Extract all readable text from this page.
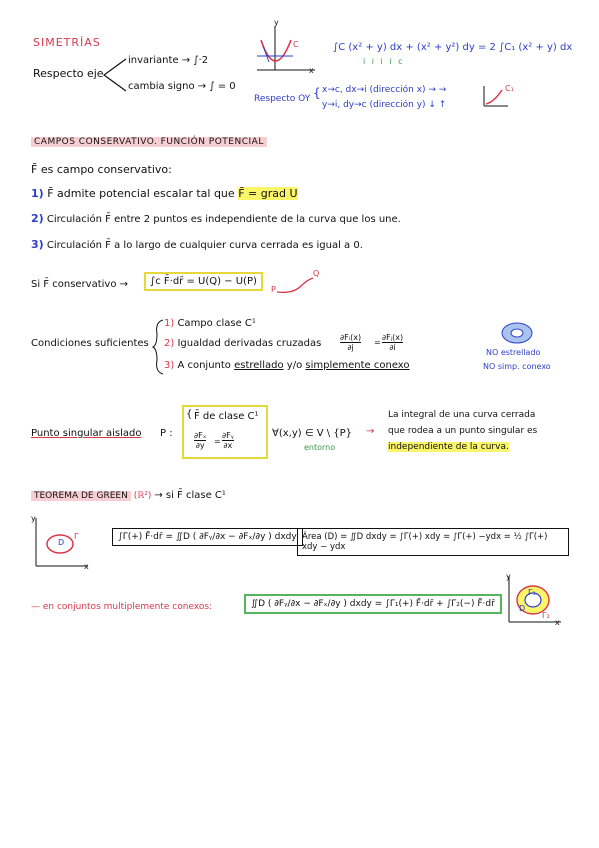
SIMETRÍAS
Respecto eje
invariante → ∫·2
cambia signo → ∫ = 0
y
x
C	∫C (x² + y) dx + (x² + y²) dy = 2 ∫C₁ (x² + y) dx
i i i i c
Respecto OY { x→c, dx→i (dirección x) → →
y→i, dy→c (dirección y) ↓ ↑
C₁
CAMPOS CONSERVATIVO. FUNCIÓN POTENCIAL
F̄ es campo conservativo:
1) F̄ admite potencial escalar tal que F̄ = grad U
2) Circulación F̄ entre 2 puntos es independiente de la curva que los une.
3) Circulación F̄ a lo largo de cualquier curva cerrada es igual a 0.
Si F̄ conservativo →	∫c F̄·dr̄ = U(Q) − U(P)
P
Q
Condiciones suficientes
1) Campo clase C¹
2) Igualdad derivadas cruzadas $\frac{\text{∂Fᵢ(x)}}{\partial j} = \frac{\text{∂Fⱼ(x)}}{\partial i}$
3) A conjunto estrellado y/o simplemente conexo
NO estrellado
NO simp. conexo
Punto singular aislado P :
{ F̄ de clase C¹
$\frac{\text{∂Fₓ}}{\partial y} = \frac{\text{∂Fᵧ}}{\partial x}$	∀(x,y) ∈ V \ {P}
entorno
→
La integral de una curva cerrada
que rodea a un punto singular es
independiente de la curva.
TEOREMA DE GREEN (ℝ²) → si F̄ clase C¹
y
x
D
Γ	∫Γ(+) F̄·dr̄ = ∬D ( ∂Fᵧ/∂x − ∂Fₓ/∂y ) dxdy Área (D) = ∬D dxdy = ∫Γ(+) xdy = ∫Γ(+) −ydx = ½ ∫Γ(+) xdy − ydx
— en conjuntos multiplemente conexos:	∬D ( ∂Fᵧ/∂x − ∂Fₓ/∂y ) dxdy = ∫Γ₁(+) F̄·dr̄ + ∫Γ₂(−) F̄·dr̄
y
x
Γ₁
Γ₂
D
